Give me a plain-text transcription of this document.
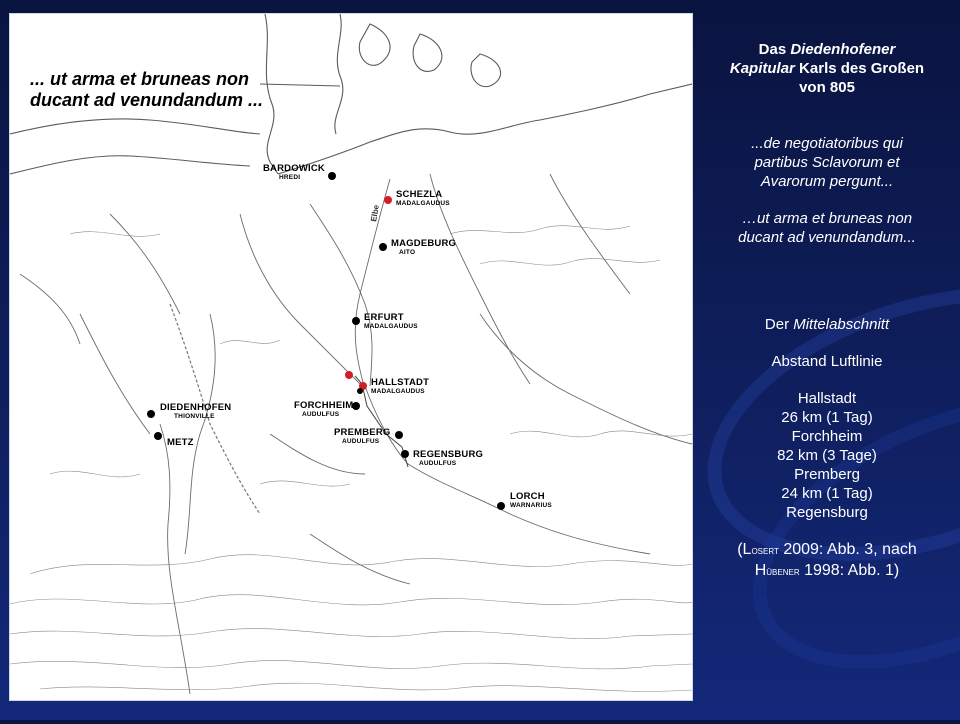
Elbe

... ut arma et bruneas non
ducant ad venundandum ...

BARDOWICK
HREDI
SCHEZLA
MADALGAUDUS
MAGDEBURG
AITO
ERFURT
MADALGAUDUS
HALLSTADT
MADALGAUDUS
FORCHHEIM
AUDULFUS
PREMBERG
AUDULFUS
REGENSBURG
AUDULFUS
LORCH
WARNARIUS
DIEDENHOFEN
THIONVILLE
METZ

Das Diedenhofener
Kapitular Karls des Großen
von 805

...de negotiatoribus qui
partibus Sclavorum et
Avarorum pergunt...

…ut arma et bruneas non
ducant ad venundandum...

Der Mittelabschnitt

Abstand Luftlinie

Hallstadt
26 km (1 Tag)
Forchheim
82 km (3 Tage)
Premberg
24 km (1 Tag)
Regensburg

(Losert 2009: Abb. 3, nach
Hübener 1998: Abb. 1)
